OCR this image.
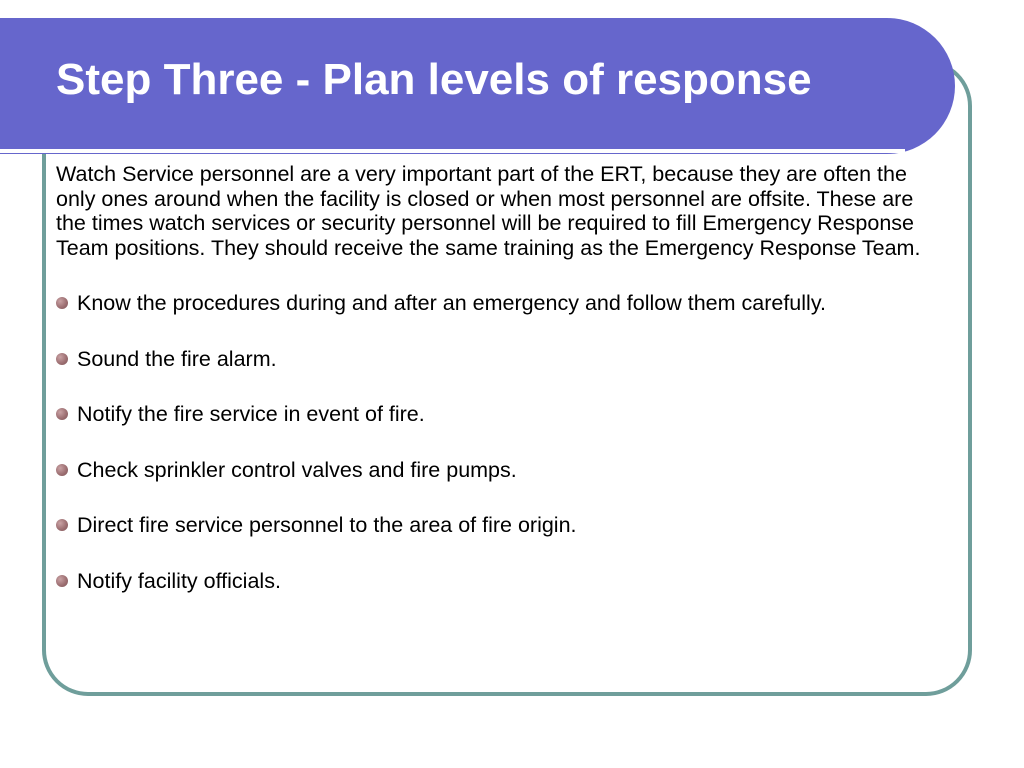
Step Three - Plan levels of response

Watch Service personnel are a very important part of the ERT, because they are often the only ones around when the facility is closed or when most personnel are offsite. These are the times watch services or security personnel will be required to fill Emergency Response Team positions. They should receive the same training as the Emergency Response Team.

Know the procedures during and after an emergency and follow them carefully.

Sound the fire alarm.

Notify the fire service in event of fire.

Check sprinkler control valves and fire pumps.

Direct fire service personnel to the area of fire origin.

Notify facility officials.
